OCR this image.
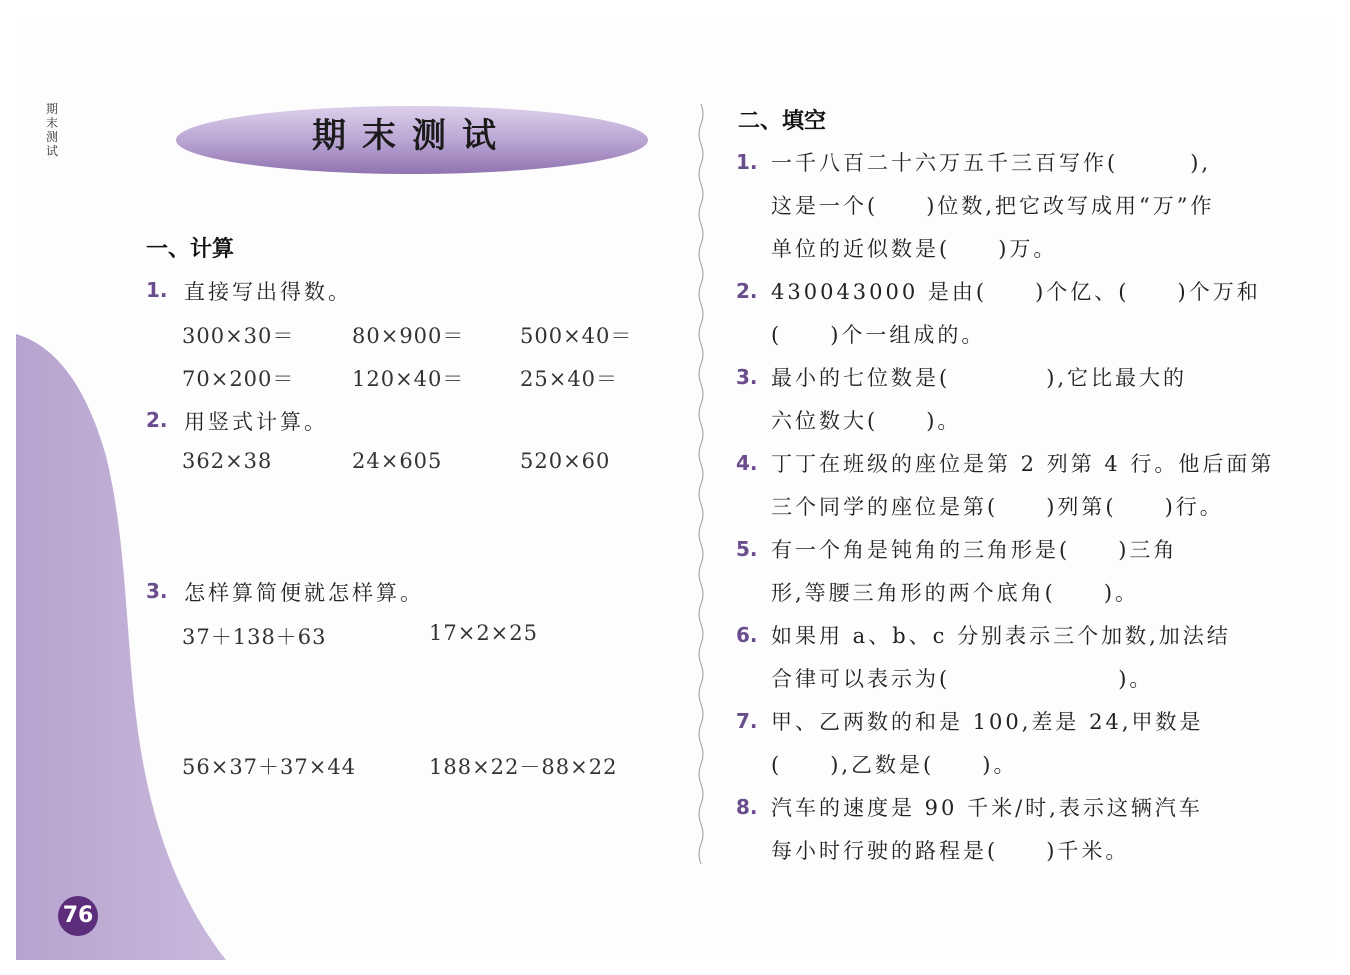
期
末
测
试	期末测试
一、计算
1. 直接写出得数。
300×30＝	80×900＝	500×40＝
70×200＝	120×40＝	25×40＝
2. 用竖式计算。
362×38	24×605	520×60
3. 怎样算简便就怎样算。
37＋138＋63	17×2×25
56×37＋37×44	188×22－88×22
二、填空
1. 一千八百二十六万五千三百写作(　　　),
这是一个(　　)位数,把它改写成用“万”作
单位的近似数是(　　)万。
2. 430043000 是由(　　)个亿、(　　)个万和
(　　)个一组成的。
3. 最小的七位数是(　　　　),它比最大的
六位数大(　　)。
4. 丁丁在班级的座位是第 2 列第 4 行。他后面第
三个同学的座位是第(　　)列第(　　)行。
5. 有一个角是钝角的三角形是(　　)三角
形,等腰三角形的两个底角(　　)。
6. 如果用 a、b、c 分别表示三个加数,加法结
合律可以表示为(　　　　　　　)。
7. 甲、乙两数的和是 100,差是 24,甲数是
(　　),乙数是(　　)。
8. 汽车的速度是 90 千米/时,表示这辆汽车
每小时行驶的路程是(　　)千米。
76
